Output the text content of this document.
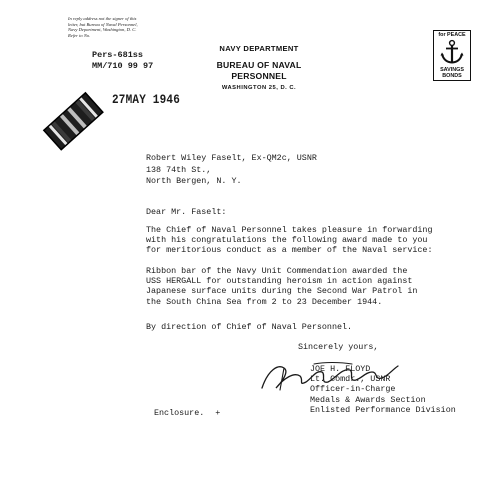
In reply address not the signer of this
letter, but Bureau of Naval Personnel,
Navy Department, Washington, D. C.
Refer to No.
Pers-681ss
MM/710 99 97
NAVY DEPARTMENT
BUREAU OF NAVAL PERSONNEL
WASHINGTON 25, D. C.
for PEACE
SAVINGS
BONDS
27MAY 1946
Robert Wiley Faselt, Ex-QM2c, USNR
138 74th St.,
North Bergen, N. Y.
Dear Mr. Faselt:
The Chief of Naval Personnel takes pleasure in forwarding
with his congratulations the following award made to you
for meritorious conduct as a member of the Naval service:
Ribbon bar of the Navy Unit Commendation awarded the
USS HERGALL for outstanding heroism in action against
Japanese surface units during the Second War Patrol in
the South China Sea from 2 to 23 December 1944.
By direction of Chief of Naval Personnel.
Sincerely yours,
JOE H. FLOYD
Lt. Comdr., USNR
Officer-in-Charge
Medals & Awards Section
Enlisted Performance Division
Enclosure. +
